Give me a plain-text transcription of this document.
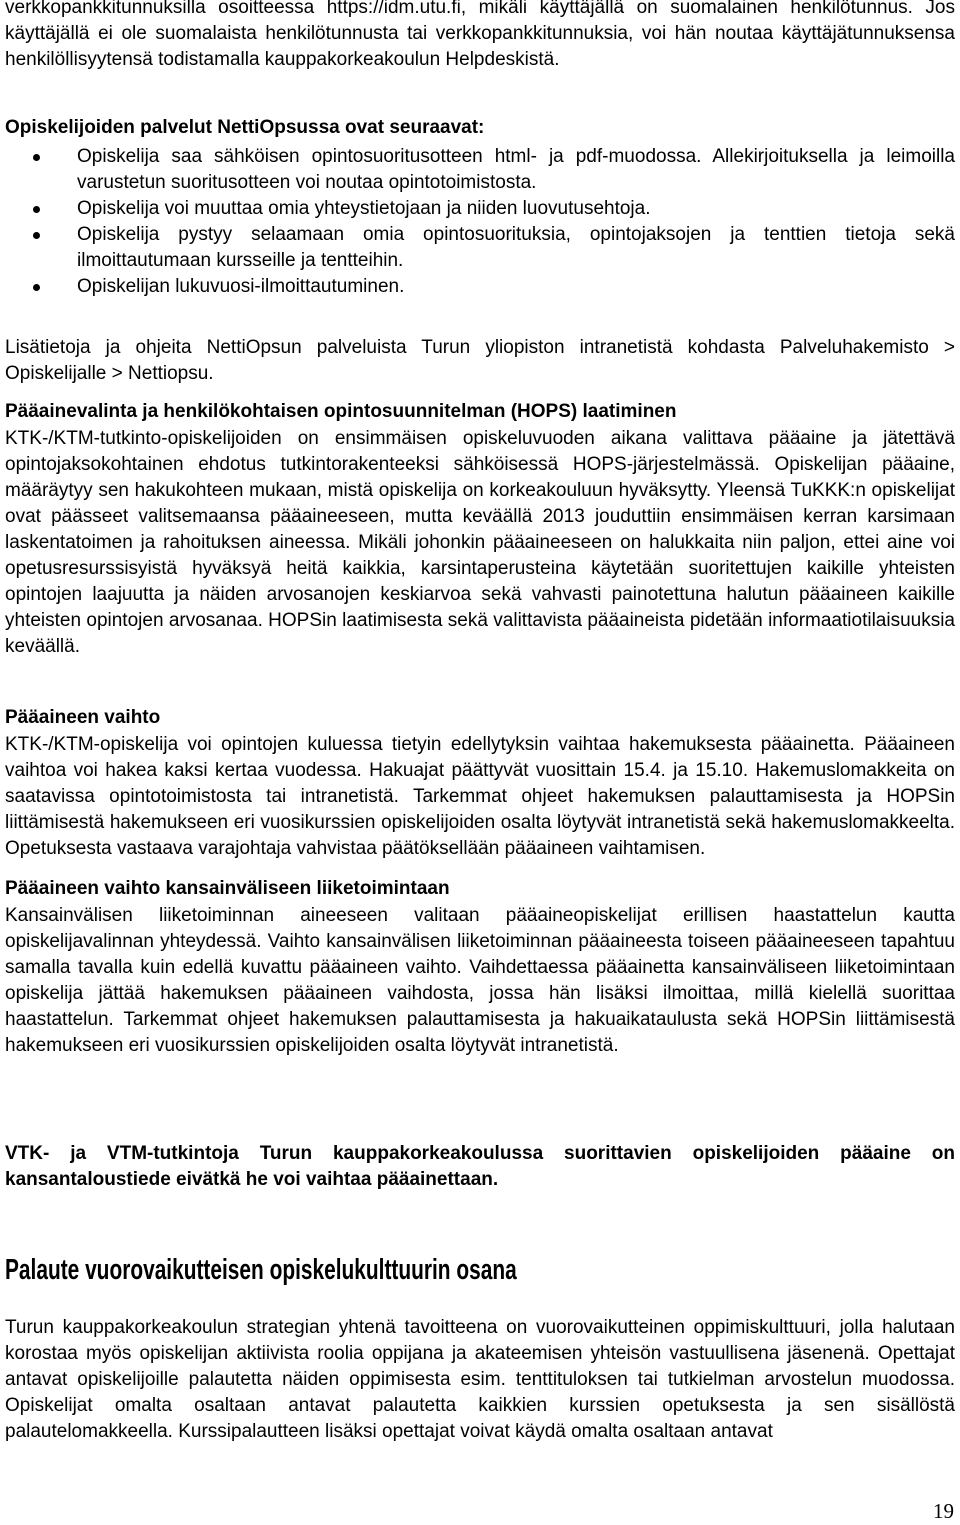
verkkopankkitunnuksilla osoitteessa https://idm.utu.fi, mikäli käyttäjällä on suomalainen henkilötunnus. Jos käyttäjällä ei ole suomalaista henkilötunnusta tai verkkopankkitunnuksia, voi hän noutaa käyttäjätunnuksensa henkilöllisyytensä todistamalla kauppakorkeakoulun Helpdeskistä.

Opiskelijoiden palvelut NettiOpsussa ovat seuraavat:

Opiskelija saa sähköisen opintosuoritusotteen html- ja pdf-muodossa. Allekirjoituksella ja leimoilla varustetun suoritusotteen voi noutaa opintotoimistosta.
Opiskelija voi muuttaa omia yhteystietojaan ja niiden luovutusehtoja.
Opiskelija pystyy selaamaan omia opintosuorituksia, opintojaksojen ja tenttien tietoja sekä ilmoittautumaan kursseille ja tentteihin.
Opiskelijan lukuvuosi-ilmoittautuminen.

Lisätietoja ja ohjeita NettiOpsun palveluista Turun yliopiston intranetistä kohdasta Palveluhakemisto > Opiskelijalle > Nettiopsu.

Pääainevalinta ja henkilökohtaisen opintosuunnitelman (HOPS) laatiminen

KTK-/KTM-tutkinto-opiskelijoiden on ensimmäisen opiskeluvuoden aikana valittava pääaine ja jätettävä opintojaksokohtainen ehdotus tutkintorakenteeksi sähköisessä HOPS-järjestelmässä. Opiskelijan pääaine, määräytyy sen hakukohteen mukaan, mistä opiskelija on korkeakouluun hyväksytty. Yleensä TuKKK:n opiskelijat ovat päässeet valitsemaansa pääaineeseen, mutta keväällä 2013 jouduttiin ensimmäisen kerran karsimaan laskentatoimen ja rahoituksen aineessa. Mikäli johonkin pääaineeseen on halukkaita niin paljon, ettei aine voi opetusresurssisyistä hyväksyä heitä kaikkia, karsintaperusteina käytetään suoritettujen kaikille yhteisten opintojen laajuutta ja näiden arvosanojen keskiarvoa sekä vahvasti painotettuna halutun pääaineen kaikille yhteisten opintojen arvosanaa. HOPSin laatimisesta sekä valittavista pääaineista pidetään informaatiotilaisuuksia keväällä.

Pääaineen vaihto

KTK-/KTM-opiskelija voi opintojen kuluessa tietyin edellytyksin vaihtaa hakemuksesta pääainetta. Pääaineen vaihtoa voi hakea kaksi kertaa vuodessa. Hakuajat päättyvät vuosittain 15.4. ja 15.10. Hakemuslomakkeita on saatavissa opintotoimistosta tai intranetistä. Tarkemmat ohjeet hakemuksen palauttamisesta ja HOPSin liittämisestä hakemukseen eri vuosikurssien opiskelijoiden osalta löytyvät intranetistä sekä hakemuslomakkeelta. Opetuksesta vastaava varajohtaja vahvistaa päätöksellään pääaineen vaihtamisen.

Pääaineen vaihto kansainväliseen liiketoimintaan

Kansainvälisen liiketoiminnan aineeseen valitaan pääaineopiskelijat erillisen haastattelun kautta opiskelijavalinnan yhteydessä. Vaihto kansainvälisen liiketoiminnan pääaineesta toiseen pääaineeseen tapahtuu samalla tavalla kuin edellä kuvattu pääaineen vaihto. Vaihdettaessa pääainetta kansainväliseen liiketoimintaan opiskelija jättää hakemuksen pääaineen vaihdosta, jossa hän lisäksi ilmoittaa, millä kielellä suorittaa haastattelun. Tarkemmat ohjeet hakemuksen palauttamisesta ja hakuaikataulusta sekä HOPSin liittämisestä hakemukseen eri vuosikurssien opiskelijoiden osalta löytyvät intranetistä.

VTK- ja VTM-tutkintoja Turun kauppakorkeakoulussa suorittavien opiskelijoiden pääaine on kansantaloustiede eivätkä he voi vaihtaa pääainettaan.

Palaute vuorovaikutteisen opiskelukulttuurin osana

Turun kauppakorkeakoulun strategian yhtenä tavoitteena on vuorovaikutteinen oppimiskulttuuri, jolla halutaan korostaa myös opiskelijan aktiivista roolia oppijana ja akateemisen yhteisön vastuullisena jäsenenä. Opettajat antavat opiskelijoille palautetta näiden oppimisesta esim. tenttituloksen tai tutkielman arvostelun muodossa. Opiskelijat omalta osaltaan antavat palautetta kaikkien kurssien opetuksesta ja sen sisällöstä palautelomakkeella. Kurssipalautteen lisäksi opettajat voivat käydä omalta osaltaan antavat

19
